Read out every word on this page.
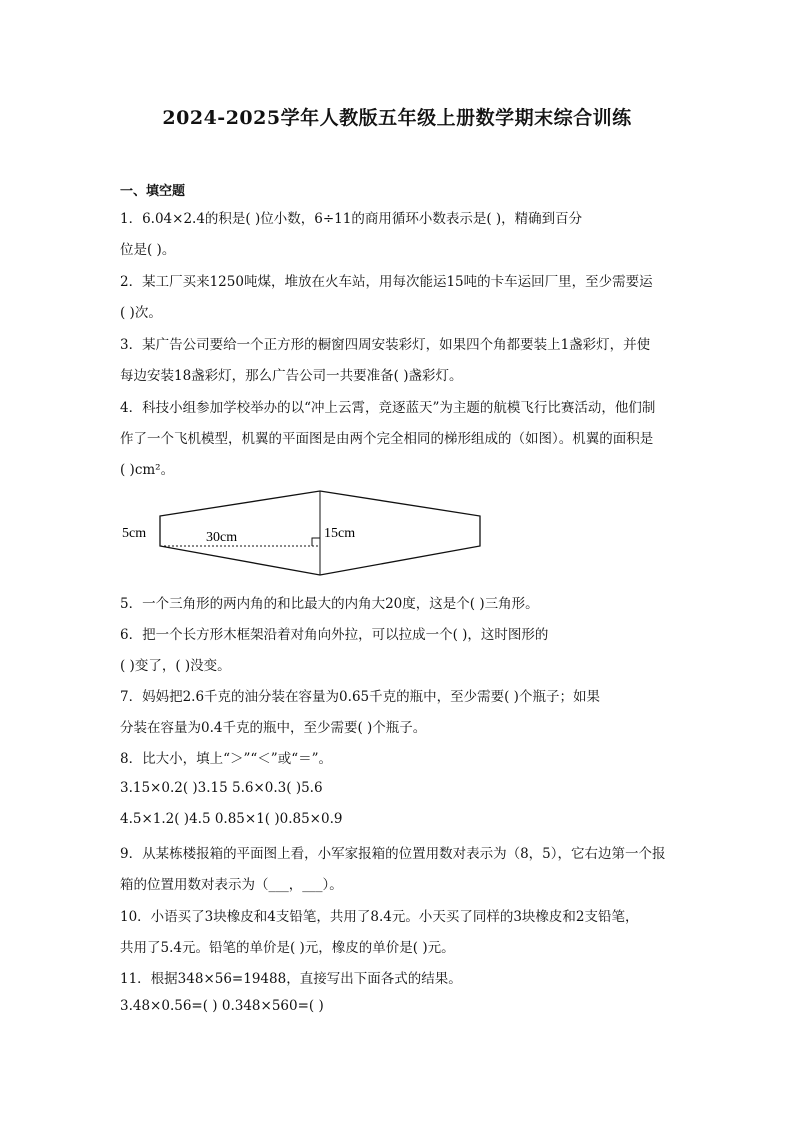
2024-2025学年人教版五年级上册数学期末综合训练
一、填空题
1．6.04×2.4的积是( )位小数，6÷11的商用循环小数表示是( )，精确到百分
位是( )。
2．某工厂买来1250吨煤，堆放在火车站，用每次能运15吨的卡车运回厂里，至少需要运
( )次。
3．某广告公司要给一个正方形的橱窗四周安装彩灯，如果四个角都要装上1盏彩灯，并使
每边安装18盏彩灯，那么广告公司一共要准备( )盏彩灯。
4．科技小组参加学校举办的以“冲上云霄，竞逐蓝天”为主题的航模飞行比赛活动，他们制
作了一个飞机模型，机翼的平面图是由两个完全相同的梯形组成的（如图）。机翼的面积是
( )cm²。
5cm	30cm	15cm
5．一个三角形的两内角的和比最大的内角大20度，这是个( )三角形。
6．把一个长方形木框架沿着对角向外拉，可以拉成一个( )，这时图形的
( )变了，( )没变。
7．妈妈把2.6千克的油分装在容量为0.65千克的瓶中，至少需要( )个瓶子；如果
分装在容量为0.4千克的瓶中，至少需要( )个瓶子。
8．比大小，填上“＞”“＜”或“＝”。
3.15×0.2( )3.15 5.6×0.3( )5.6
4.5×1.2( )4.5 0.85×1( )0.85×0.9
9．从某栋楼报箱的平面图上看，小军家报箱的位置用数对表示为（8，5），它右边第一个报
箱的位置用数对表示为（___，___）。
10．小语买了3块橡皮和4支铅笔，共用了8.4元。小天买了同样的3块橡皮和2支铅笔，
共用了5.4元。铅笔的单价是( )元，橡皮的单价是( )元。
11．根据348×56=19488，直接写出下面各式的结果。
3.48×0.56=( ) 0.348×560=( )
